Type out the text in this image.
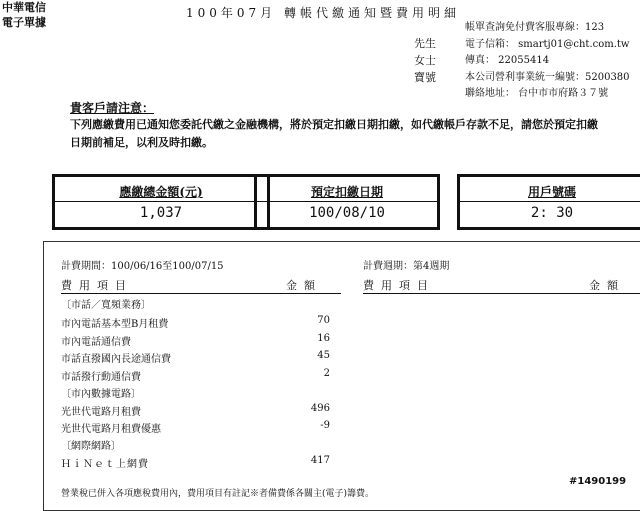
中華電信
電子單據
100年07月 轉帳代繳通知暨費用明細
先生
女士
寶號
帳單查詢免付費客服專線：123
電子信箱： smartj01@cht.com.tw
傳真： 22055414
本公司營利事業統一編號：5200380
聯絡地址： 台中市市府路３７號
貴客戶請注意：
下列應繳費用已通知您委託代繳之金融機構，將於預定扣繳日期扣繳，如代繳帳戶存款不足，請您於預定扣繳日期前補足，以利及時扣繳。
應繳總金額(元)
1,037
預定扣繳日期
100/08/10
用戶號碼
2: 30
計費期間：100/06/16至100/07/15	計費週期：第4週期
費用項目	金額	費用項目	金額
〔市話／寬頻業務〕
市內電話基本型B月租費	70
市內電話通信費	16
市話直撥國內長途通信費	45
市話撥行動通信費	2
〔市內數據電路〕
光世代電路月租費	496
光世代電路月租費優惠	-9
〔網際網路〕
ＨｉＮｅｔ上網費	417
營業稅已併入各項應稅費用內，費用項目有註記※者備費係各關主(電子)籌費。
#1490199
